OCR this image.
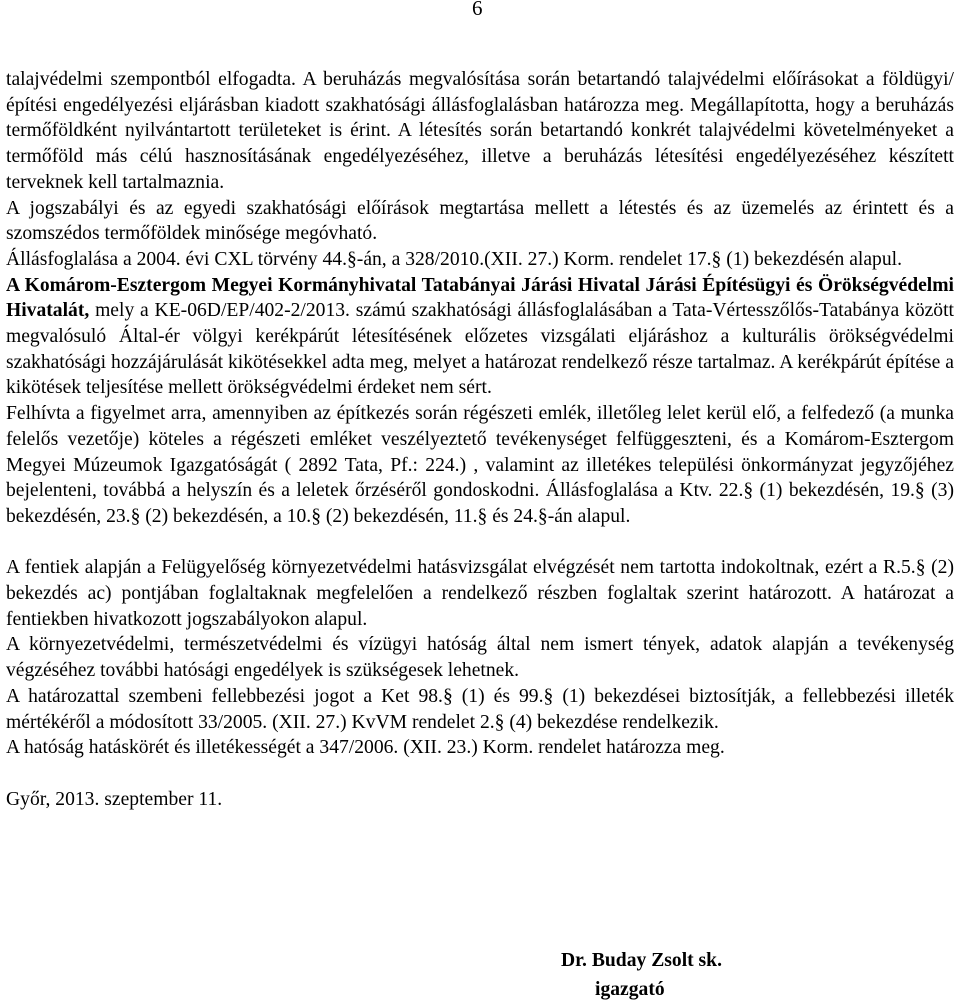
6

talajvédelmi szempontból elfogadta. A beruházás megvalósítása során betartandó talajvédelmi előírásokat a földügyi/építési engedélyezési eljárásban kiadott szakhatósági állásfoglalásban határozza meg. Megállapította, hogy a beruházás termőföldként nyilvántartott területeket is érint. A létesítés során betartandó konkrét talajvédelmi követelményeket a termőföld más célú hasznosításának engedélyezéséhez, illetve a beruházás létesítési engedélyezéséhez készített terveknek kell tartalmaznia.

A jogszabályi és az egyedi szakhatósági előírások megtartása mellett a létestés és az üzemelés az érintett és a szomszédos termőföldek minősége megóvható.

Állásfoglalása a 2004. évi CXL törvény 44.§-án, a 328/2010.(XII. 27.) Korm. rendelet 17.§ (1) bekezdésén alapul.

A Komárom-Esztergom Megyei Kormányhivatal Tatabányai Járási Hivatal Járási Építésügyi és Örökségvédelmi Hivatalát, mely a KE-06D/EP/402-2/2013. számú szakhatósági állásfoglalásában a Tata-Vértesszőlős-Tatabánya között megvalósuló Által-ér völgyi kerékpárút létesítésének előzetes vizsgálati eljáráshoz a kulturális örökségvédelmi szakhatósági hozzájárulását kikötésekkel adta meg, melyet a határozat rendelkező része tartalmaz. A kerékpárút építése a kikötések teljesítése mellett örökségvédelmi érdeket nem sért.

Felhívta a figyelmet arra, amennyiben az építkezés során régészeti emlék, illetőleg lelet kerül elő, a felfedező (a munka felelős vezetője) köteles a régészeti emléket veszélyeztető tevékenységet felfüggeszteni, és a Komárom-Esztergom Megyei Múzeumok Igazgatóságát ( 2892 Tata, Pf.: 224.) , valamint az illetékes települési önkormányzat jegyzőjéhez bejelenteni, továbbá a helyszín és a leletek őrzéséről gondoskodni. Állásfoglalása a Ktv. 22.§ (1) bekezdésén, 19.§ (3) bekezdésén, 23.§ (2) bekezdésén, a 10.§ (2) bekezdésén, 11.§ és 24.§-án alapul.

A fentiek alapján a Felügyelőség környezetvédelmi hatásvizsgálat elvégzését nem tartotta indokoltnak, ezért a R.5.§ (2) bekezdés ac) pontjában foglaltaknak megfelelően a rendelkező részben foglaltak szerint határozott. A határozat a fentiekben hivatkozott jogszabályokon alapul.

A környezetvédelmi, természetvédelmi és vízügyi hatóság által nem ismert tények, adatok alapján a tevékenység végzéséhez további hatósági engedélyek is szükségesek lehetnek.

A határozattal szembeni fellebbezési jogot a Ket 98.§ (1) és 99.§ (1) bekezdései biztosítják, a fellebbezési illeték mértékéről a módosított 33/2005. (XII. 27.) KvVM rendelet 2.§ (4) bekezdése rendelkezik.

A hatóság hatáskörét és illetékességét a 347/2006. (XII. 23.) Korm. rendelet határozza meg.

Győr, 2013. szeptember 11.

Dr. Buday Zsolt sk.
igazgató
